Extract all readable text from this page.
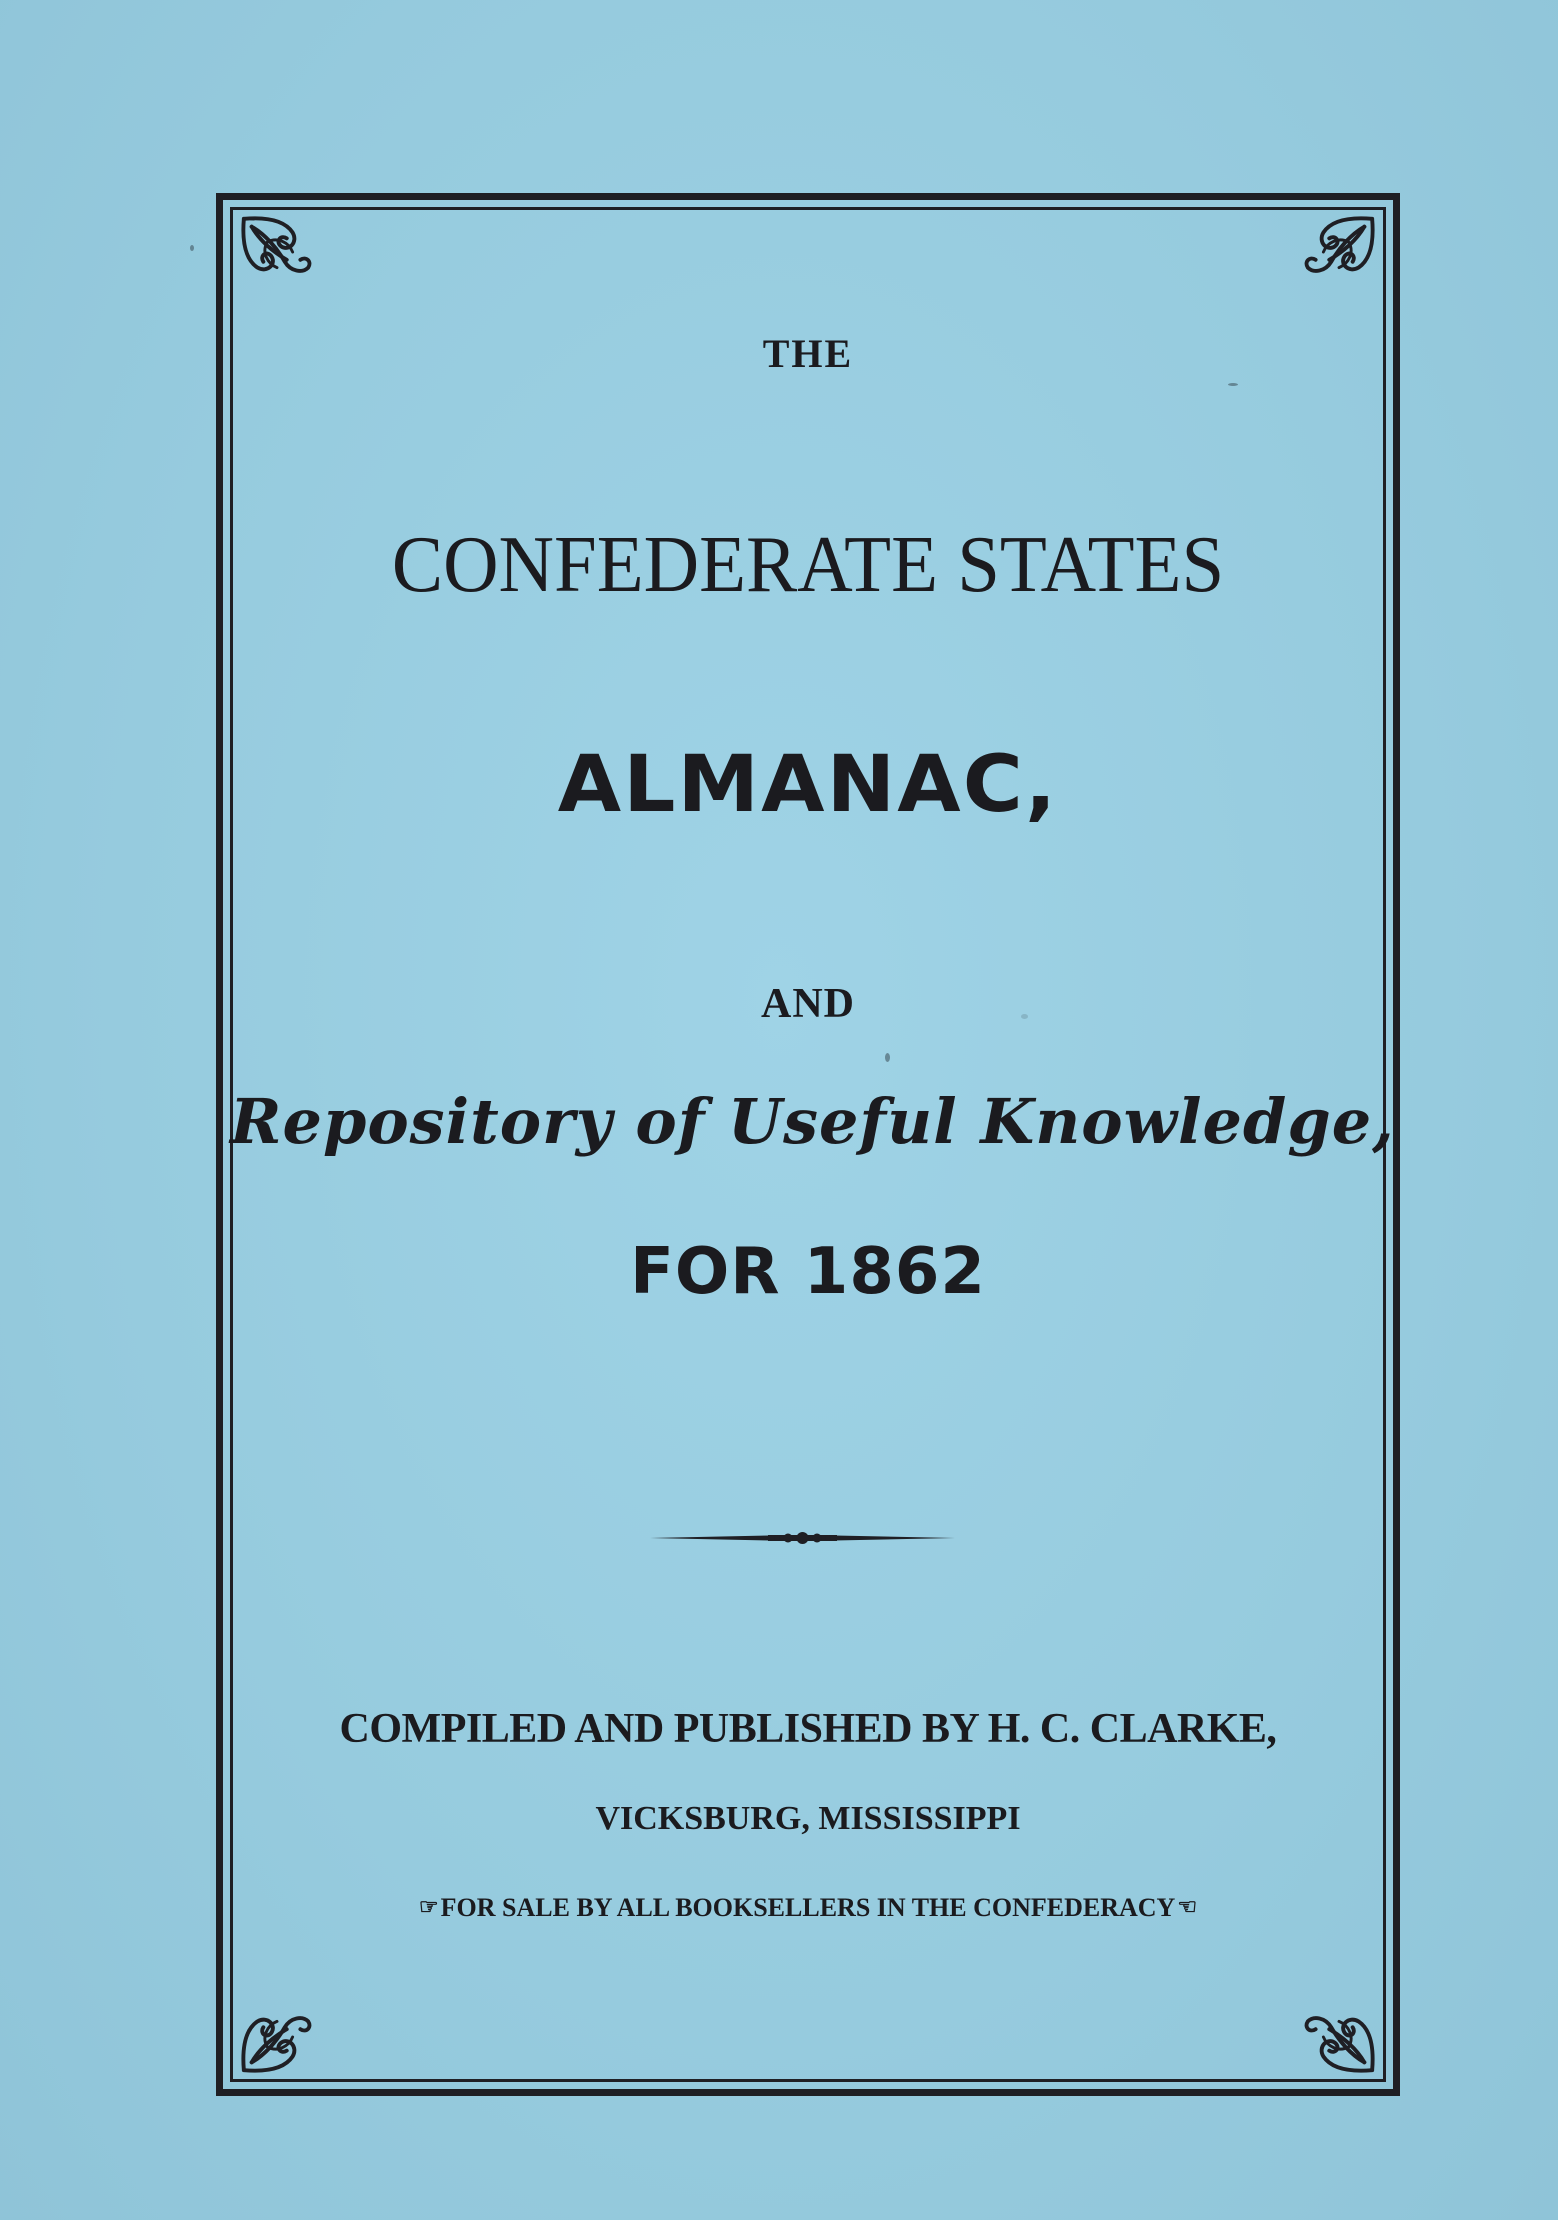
THE
CONFEDERATE STATES
ALMANAC,
AND
Repository of Useful Knowledge,
FOR 1862
COMPILED AND PUBLISHED BY H. C. CLARKE,
VICKSBURG, MISSISSIPPI
☞FOR SALE BY ALL BOOKSELLERS IN THE CONFEDERACY☜
